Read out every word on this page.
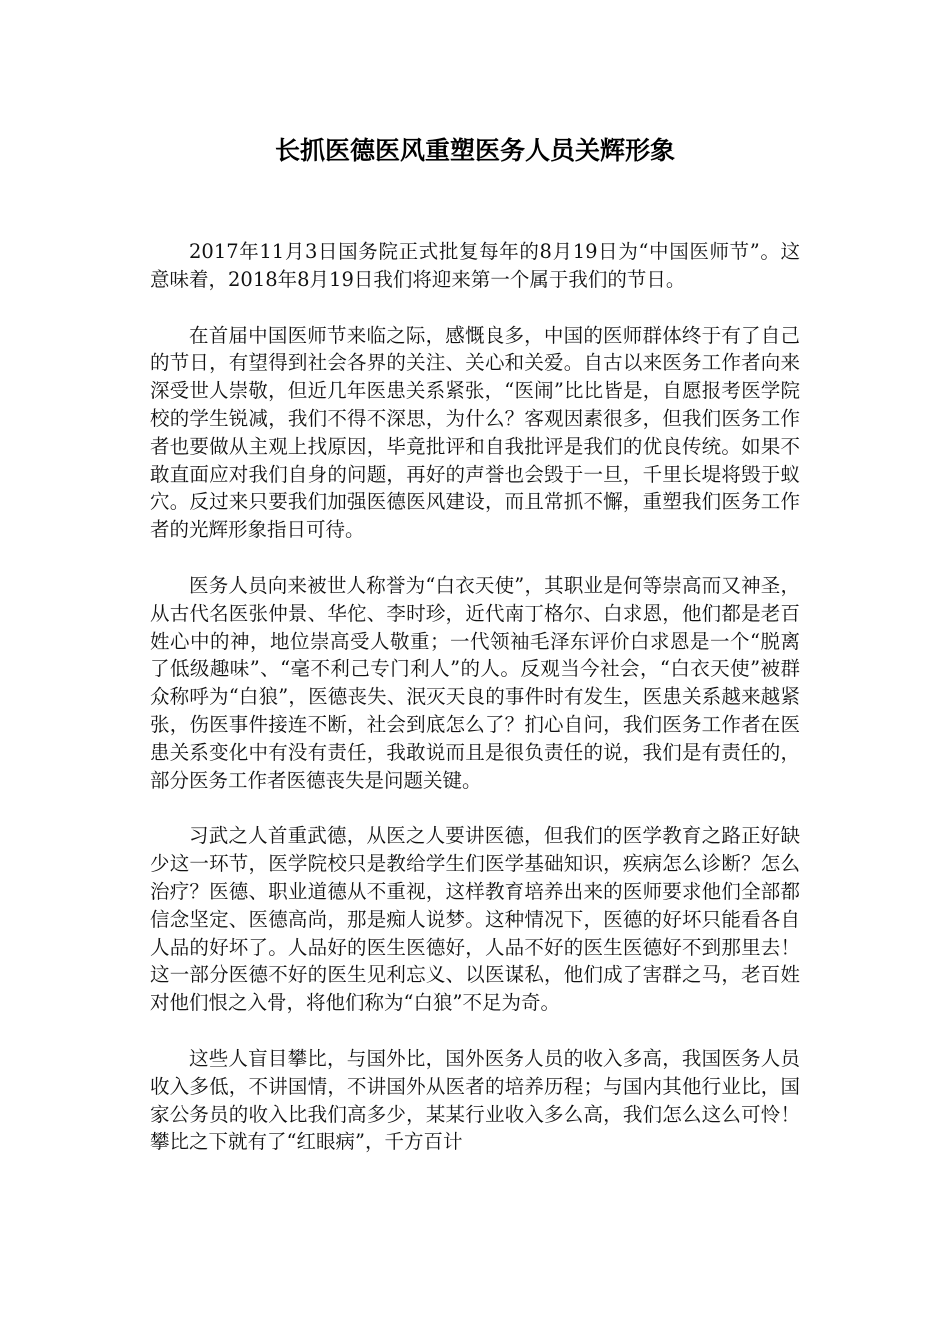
长抓医德医风重塑医务人员关辉形象

2017年11月3日国务院正式批复每年的8月19日为“中国医师节”。这意味着，2018年8月19日我们将迎来第一个属于我们的节日。

在首届中国医师节来临之际，感慨良多，中国的医师群体终于有了自己的节日，有望得到社会各界的关注、关心和关爱。自古以来医务工作者向来深受世人崇敬，但近几年医患关系紧张，“医闹”比比皆是，自愿报考医学院校的学生锐减，我们不得不深思，为什么？客观因素很多，但我们医务工作者也要做从主观上找原因，毕竟批评和自我批评是我们的优良传统。如果不敢直面应对我们自身的问题，再好的声誉也会毁于一旦，千里长堤将毁于蚁穴。反过来只要我们加强医德医风建设，而且常抓不懈，重塑我们医务工作者的光辉形象指日可待。

医务人员向来被世人称誉为“白衣天使”，其职业是何等崇高而又神圣，从古代名医张仲景、华佗、李时珍，近代南丁格尔、白求恩，他们都是老百姓心中的神，地位崇高受人敬重；一代领袖毛泽东评价白求恩是一个“脱离了低级趣味”、“毫不利己专门利人”的人。反观当今社会，“白衣天使”被群众称呼为“白狼”，医德丧失、泯灭天良的事件时有发生，医患关系越来越紧张，伤医事件接连不断，社会到底怎么了？扪心自问，我们医务工作者在医患关系变化中有没有责任，我敢说而且是很负责任的说，我们是有责任的，部分医务工作者医德丧失是问题关键。

习武之人首重武德，从医之人要讲医德，但我们的医学教育之路正好缺少这一环节，医学院校只是教给学生们医学基础知识，疾病怎么诊断？怎么治疗？医德、职业道德从不重视，这样教育培养出来的医师要求他们全部都信念坚定、医德高尚，那是痴人说梦。这种情况下，医德的好坏只能看各自人品的好坏了。人品好的医生医德好，人品不好的医生医德好不到那里去！这一部分医德不好的医生见利忘义、以医谋私，他们成了害群之马，老百姓对他们恨之入骨，将他们称为“白狼”不足为奇。

这些人盲目攀比，与国外比，国外医务人员的收入多高，我国医务人员收入多低，不讲国情，不讲国外从医者的培养历程；与国内其他行业比，国家公务员的收入比我们高多少，某某行业收入多么高，我们怎么这么可怜！攀比之下就有了“红眼病”，千方百计
